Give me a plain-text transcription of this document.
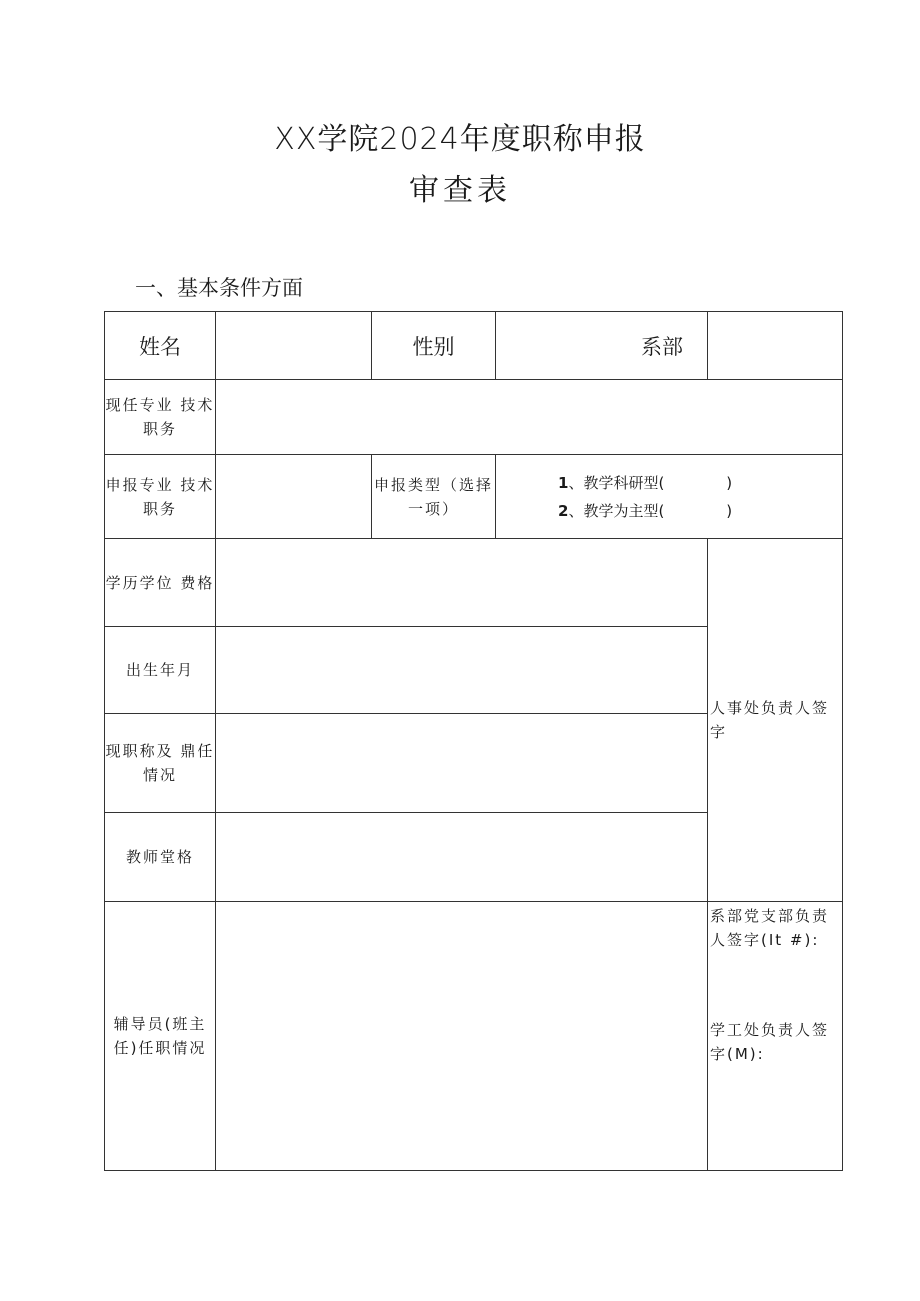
XX学院2024年度职称申报
审查表
一、基本条件方面
姓名		性别	系部	
现任专业 技术职务				
申报专业 技术职务		申报类型（选择一项）	1、教学科研型( )
2、教学为主型( )	

学历学位 费格				人事处负责人签字
出生年月				
现职称及 鼎任情况				
教师堂格				
辅导员(班主任)任职情况				系部党支部负责人签字(It #):
学工处负责人签字(M):
